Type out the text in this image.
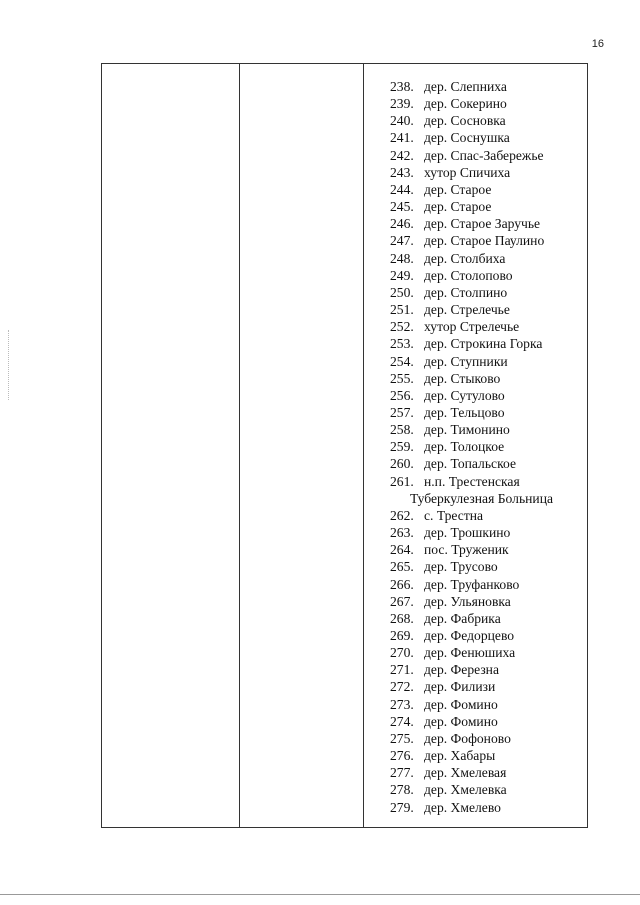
16
238. дер. Слепниха
239. дер. Сокерино
240. дер. Сосновка
241. дер. Соснушка
242. дер. Спас-Забережье
243. хутор Спичиха
244. дер. Старое
245. дер. Старое
246. дер. Старое Заручье
247. дер. Старое Паулино
248. дер. Столбиха
249. дер. Столопово
250. дер. Столпино
251. дер. Стрелечье
252. хутор Стрелечье
253. дер. Строкина Горка
254. дер. Ступники
255. дер. Стыково
256. дер. Сутулово
257. дер. Тельцово
258. дер. Тимонино
259. дер. Толоцкое
260. дер. Топальское
261. н.п. Трестенская
Туберкулезная Больница
262. с. Трестна
263. дер. Трошкино
264. пос. Труженик
265. дер. Трусово
266. дер. Труфанково
267. дер. Ульяновка
268. дер. Фабрика
269. дер. Федорцево
270. дер. Фенюшиха
271. дер. Ферезна
272. дер. Филизи
273. дер. Фомино
274. дер. Фомино
275. дер. Фофоново
276. дер. Хабары
277. дер. Хмелевая
278. дер. Хмелевка
279. дер. Хмелево
